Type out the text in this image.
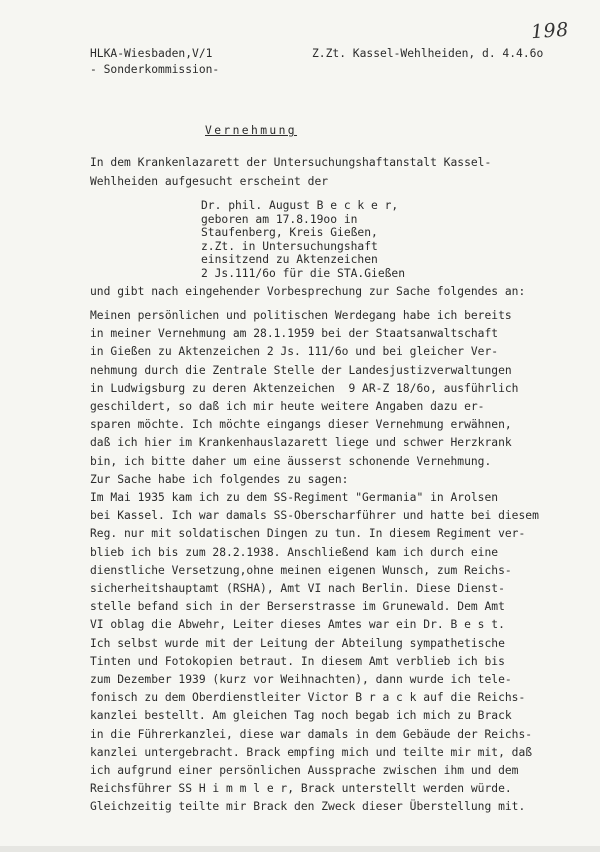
198
HLKA-Wiesbaden,V/1
- Sonderkommission-
Z.Zt. Kassel-Wehlheiden, d. 4.4.6o
Vernehmung
In dem Krankenlazarett der Untersuchungshaftanstalt Kassel-
Wehlheiden aufgesucht erscheint der
Dr. phil. August B e c k e r,
geboren am 17.8.19oo in
Staufenberg, Kreis Gießen,
z.Zt. in Untersuchungshaft
einsitzend zu Aktenzeichen
2 Js.111/6o für die STA.Gießen
und gibt nach eingehender Vorbesprechung zur Sache folgendes an:
Meinen persönlichen und politischen Werdegang habe ich bereits
in meiner Vernehmung am 28.1.1959 bei der Staatsanwaltschaft
in Gießen zu Aktenzeichen 2 Js. 111/6o und bei gleicher Ver-
nehmung durch die Zentrale Stelle der Landesjustizverwaltungen
in Ludwigsburg zu deren Aktenzeichen  9 AR-Z 18/6o, ausführlich
geschildert, so daß ich mir heute weitere Angaben dazu er-
sparen möchte. Ich möchte eingangs dieser Vernehmung erwähnen,
daß ich hier im Krankenhauslazarett liege und schwer Herzkrank
bin, ich bitte daher um eine äusserst schonende Vernehmung.
Zur Sache habe ich folgendes zu sagen:
Im Mai 1935 kam ich zu dem SS-Regiment "Germania" in Arolsen
bei Kassel. Ich war damals SS-Oberscharführer und hatte bei diesem
Reg. nur mit soldatischen Dingen zu tun. In diesem Regiment ver-
blieb ich bis zum 28.2.1938. Anschließend kam ich durch eine
dienstliche Versetzung,ohne meinen eigenen Wunsch, zum Reichs-
sicherheitshauptamt (RSHA), Amt VI nach Berlin. Diese Dienst-
stelle befand sich in der Berserstrasse im Grunewald. Dem Amt
VI oblag die Abwehr, Leiter dieses Amtes war ein Dr. B e s t.
Ich selbst wurde mit der Leitung der Abteilung sympathetische
Tinten und Fotokopien betraut. In diesem Amt verblieb ich bis
zum Dezember 1939 (kurz vor Weihnachten), dann wurde ich tele-
fonisch zu dem Oberdienstleiter Victor B r a c k auf die Reichs-
kanzlei bestellt. Am gleichen Tag noch begab ich mich zu Brack
in die Führerkanzlei, diese war damals in dem Gebäude der Reichs-
kanzlei untergebracht. Brack empfing mich und teilte mir mit, daß
ich aufgrund einer persönlichen Aussprache zwischen ihm und dem
Reichsführer SS H i m m l e r, Brack unterstellt werden würde.
Gleichzeitig teilte mir Brack den Zweck dieser Überstellung mit.
